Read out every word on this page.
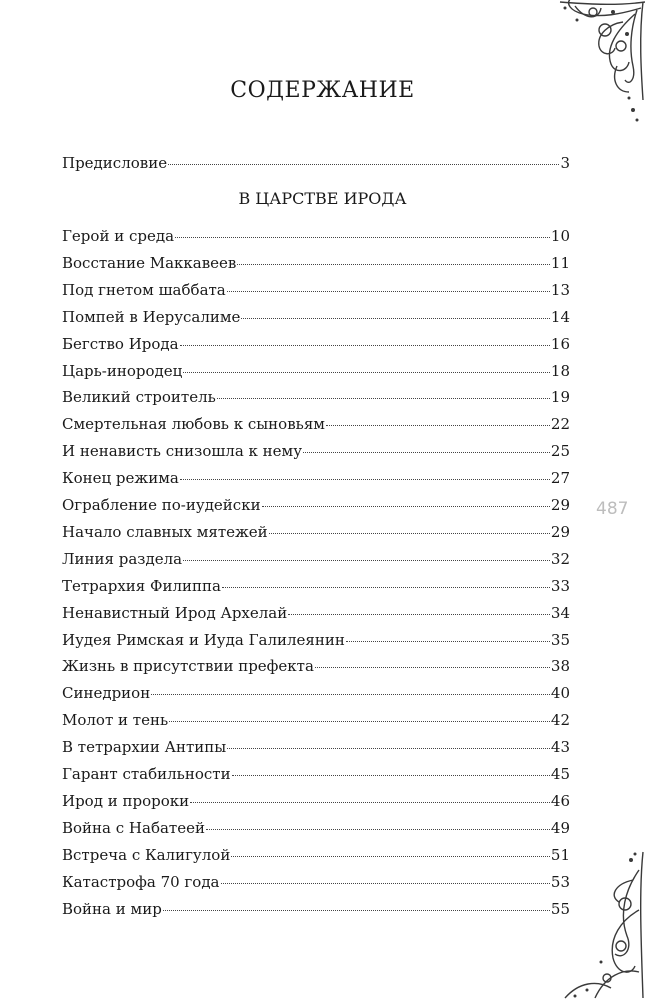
СОДЕРЖАНИЕ
Предисловие	3
В ЦАРСТВЕ ИРОДА
Герой и среда	10
Восстание Маккавеев	11
Под гнетом шаббата	13
Помпей в Иерусалиме	14
Бегство Ирода	16
Царь-инородец	18
Великий строитель	19
Смертельная любовь к сыновьям	22
И ненависть снизошла к нему	25
Конец режима	27
Ограбление по-иудейски	29
Начало славных мятежей	29
Линия раздела	32
Тетрархия Филиппа	33
Ненавистный Ирод Архелай	34
Иудея Римская и Иуда Галилеянин	35
Жизнь в присутствии префекта	38
Синедрион	40
Молот и тень	42
В тетрархии Антипы	43
Гарант стабильности	45
Ирод и пророки	46
Война с Набатеей	49
Встреча с Калигулой	51
Катастрофа 70 года	53
Война и мир	55
487
